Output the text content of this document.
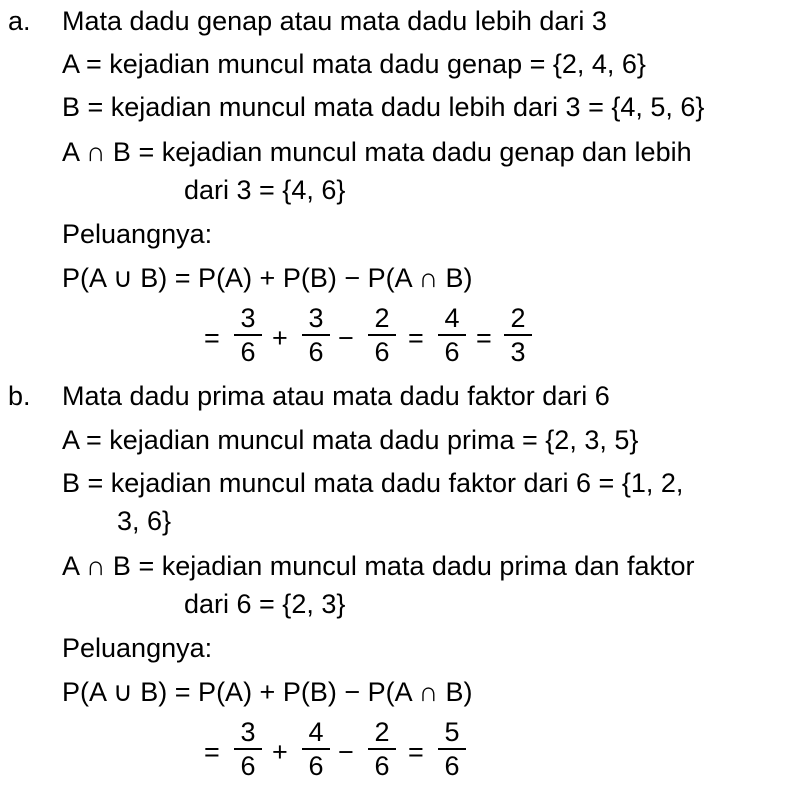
a. Mata dadu genap atau mata dadu lebih dari 3
A = kejadian muncul mata dadu genap = {2, 4, 6}
B = kejadian muncul mata dadu lebih dari 3 = {4, 5, 6}
A ∩ B = kejadian muncul mata dadu genap dan lebih
dari 3 = {4, 6}
Peluangnya:
P(A ∪ B) = P(A) + P(B) − P(A ∩ B)
=
3
6 +
3
6 −
2
6 =
4
6 =
2
3
b. Mata dadu prima atau mata dadu faktor dari 6
A = kejadian muncul mata dadu prima = {2, 3, 5}
B = kejadian muncul mata dadu faktor dari 6 = {1, 2,
3, 6}
A ∩ B = kejadian muncul mata dadu prima dan faktor
dari 6 = {2, 3}
Peluangnya:
P(A ∪ B) = P(A) + P(B) − P(A ∩ B)
=
3
6 +
4
6 −
2
6 =
5
6
